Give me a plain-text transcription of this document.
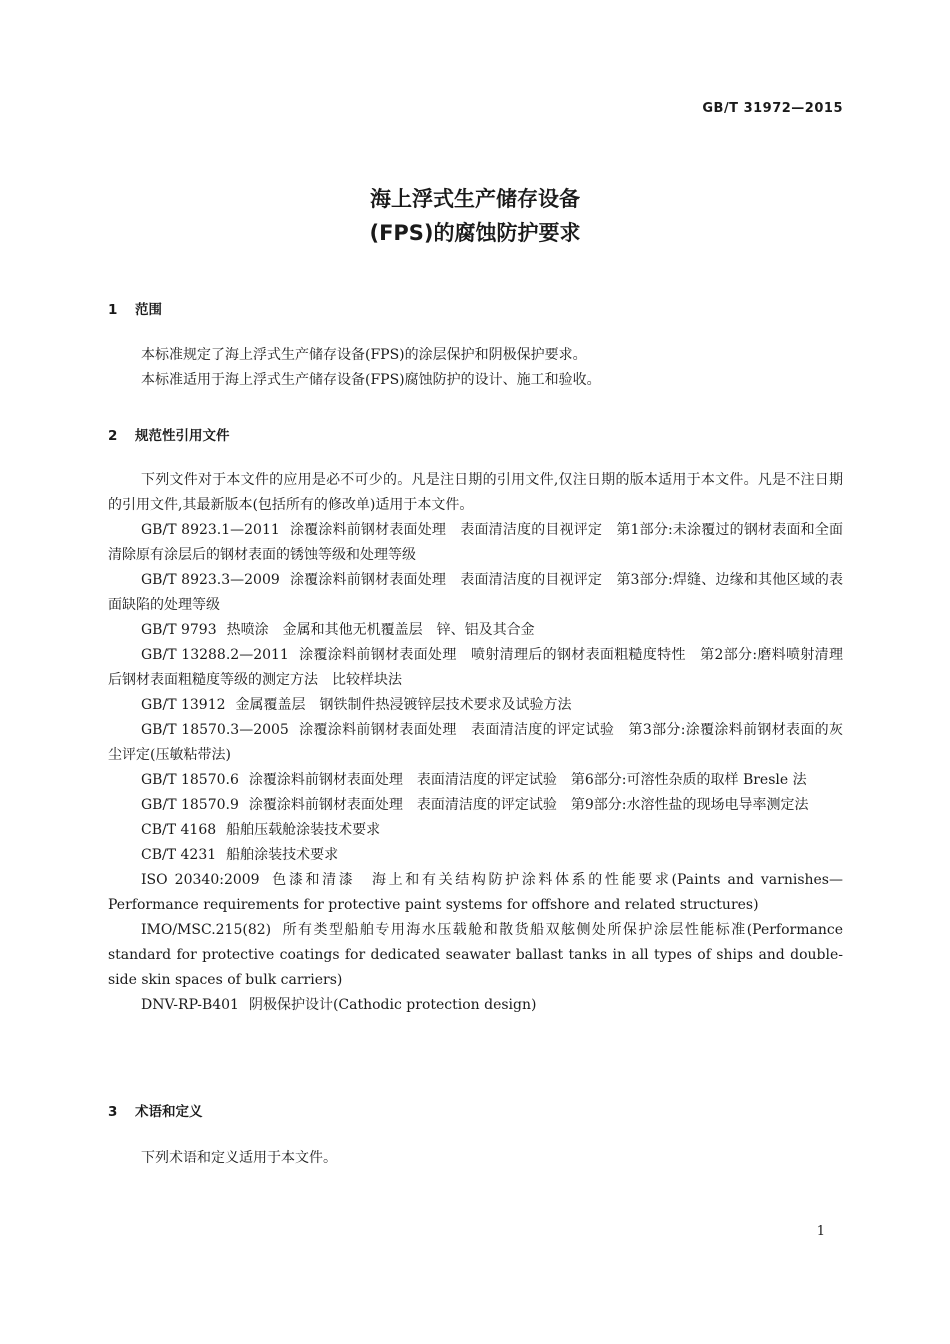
GB/T 31972—2015
海上浮式生产储存设备
(FPS)的腐蚀防护要求
1 范围

本标准规定了海上浮式生产储存设备(FPS)的涂层保护和阴极保护要求。

本标准适用于海上浮式生产储存设备(FPS)腐蚀防护的设计、施工和验收。

2 规范性引用文件

下列文件对于本文件的应用是必不可少的。凡是注日期的引用文件,仅注日期的版本适用于本文件。凡是不注日期的引用文件,其最新版本(包括所有的修改单)适用于本文件。

GB/T 8923.1—2011 涂覆涂料前钢材表面处理　表面清洁度的目视评定　第1部分:未涂覆过的钢材表面和全面清除原有涂层后的钢材表面的锈蚀等级和处理等级

GB/T 8923.3—2009 涂覆涂料前钢材表面处理　表面清洁度的目视评定　第3部分:焊缝、边缘和其他区域的表面缺陷的处理等级

GB/T 9793 热喷涂　金属和其他无机覆盖层　锌、铝及其合金

GB/T 13288.2—2011 涂覆涂料前钢材表面处理　喷射清理后的钢材表面粗糙度特性　第2部分:磨料喷射清理后钢材表面粗糙度等级的测定方法　比较样块法

GB/T 13912 金属覆盖层　钢铁制件热浸镀锌层技术要求及试验方法

GB/T 18570.3—2005 涂覆涂料前钢材表面处理　表面清洁度的评定试验　第3部分:涂覆涂料前钢材表面的灰尘评定(压敏粘带法)

GB/T 18570.6 涂覆涂料前钢材表面处理　表面清洁度的评定试验　第6部分:可溶性杂质的取样 Bresle 法

GB/T 18570.9 涂覆涂料前钢材表面处理　表面清洁度的评定试验　第9部分:水溶性盐的现场电导率测定法

CB/T 4168 船舶压载舱涂装技术要求

CB/T 4231 船舶涂装技术要求

ISO 20340:2009 色漆和清漆　海上和有关结构防护涂料体系的性能要求(Paints and varnishes—Performance requirements for protective paint systems for offshore and related structures)

IMO/MSC.215(82) 所有类型船舶专用海水压载舱和散货船双舷侧处所保护涂层性能标准(Performance standard for protective coatings for dedicated seawater ballast tanks in all types of ships and double-side skin spaces of bulk carriers)

DNV-RP-B401 阴极保护设计(Cathodic protection design)

3 术语和定义

下列术语和定义适用于本文件。

1
